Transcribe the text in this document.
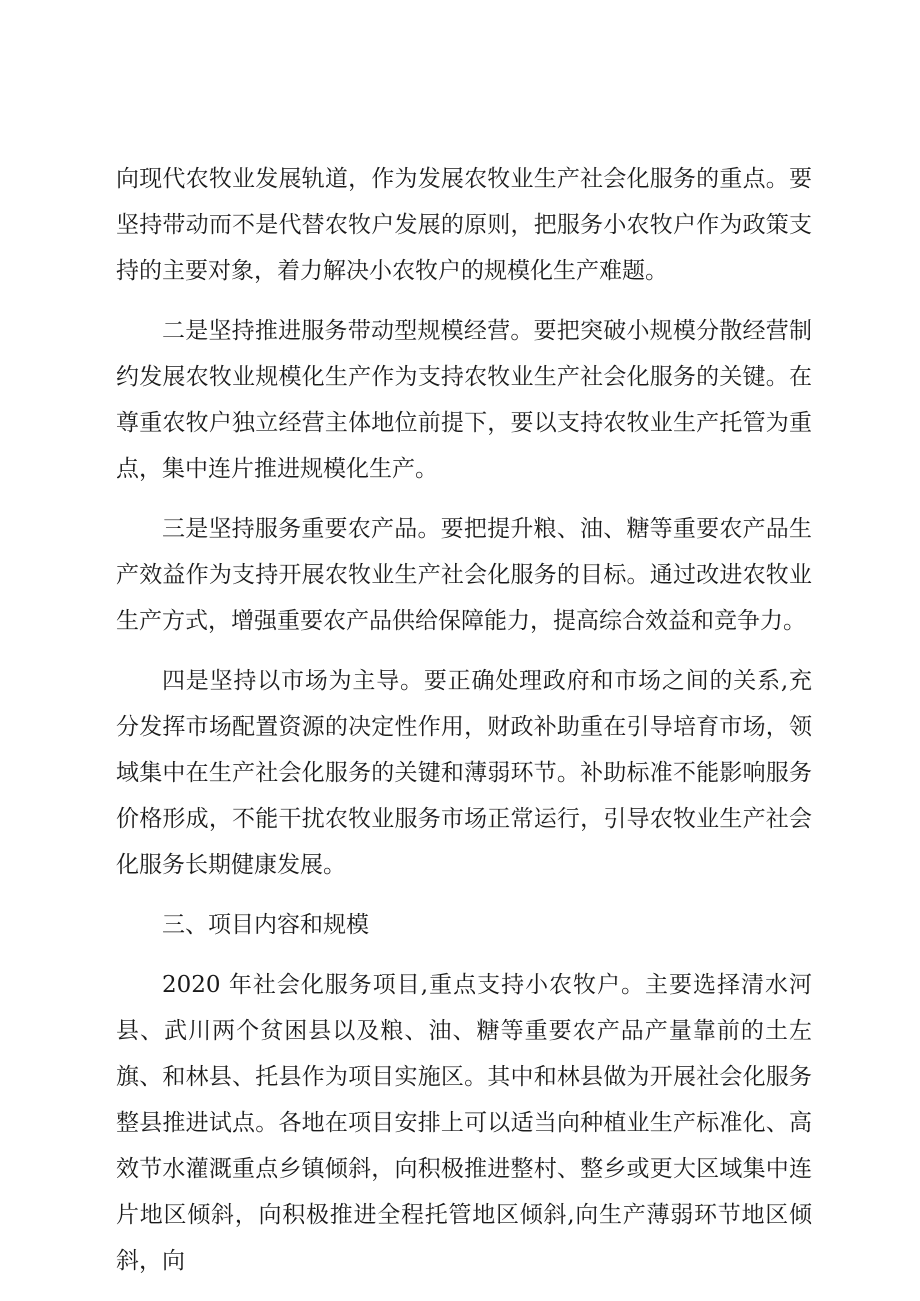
向现代农牧业发展轨道，作为发展农牧业生产社会化服务的重点。要坚持带动而不是代替农牧户发展的原则，把服务小农牧户作为政策支持的主要对象，着力解决小农牧户的规模化生产难题。

二是坚持推进服务带动型规模经营。要把突破小规模分散经营制约发展农牧业规模化生产作为支持农牧业生产社会化服务的关键。在尊重农牧户独立经营主体地位前提下，要以支持农牧业生产托管为重点，集中连片推进规模化生产。

三是坚持服务重要农产品。要把提升粮、油、糖等重要农产品生产效益作为支持开展农牧业生产社会化服务的目标。通过改进农牧业生产方式，增强重要农产品供给保障能力，提高综合效益和竞争力。

四是坚持以市场为主导。要正确处理政府和市场之间的关系,充分发挥市场配置资源的决定性作用，财政补助重在引导培育市场，领域集中在生产社会化服务的关键和薄弱环节。补助标准不能影响服务价格形成，不能干扰农牧业服务市场正常运行，引导农牧业生产社会化服务长期健康发展。

三、项目内容和规模

2020 年社会化服务项目,重点支持小农牧户。主要选择清水河县、武川两个贫困县以及粮、油、糖等重要农产品产量靠前的土左旗、和林县、托县作为项目实施区。其中和林县做为开展社会化服务整县推进试点。各地在项目安排上可以适当向种植业生产标准化、高效节水灌溉重点乡镇倾斜，向积极推进整村、整乡或更大区域集中连片地区倾斜，向积极推进全程托管地区倾斜,向生产薄弱环节地区倾斜，向
